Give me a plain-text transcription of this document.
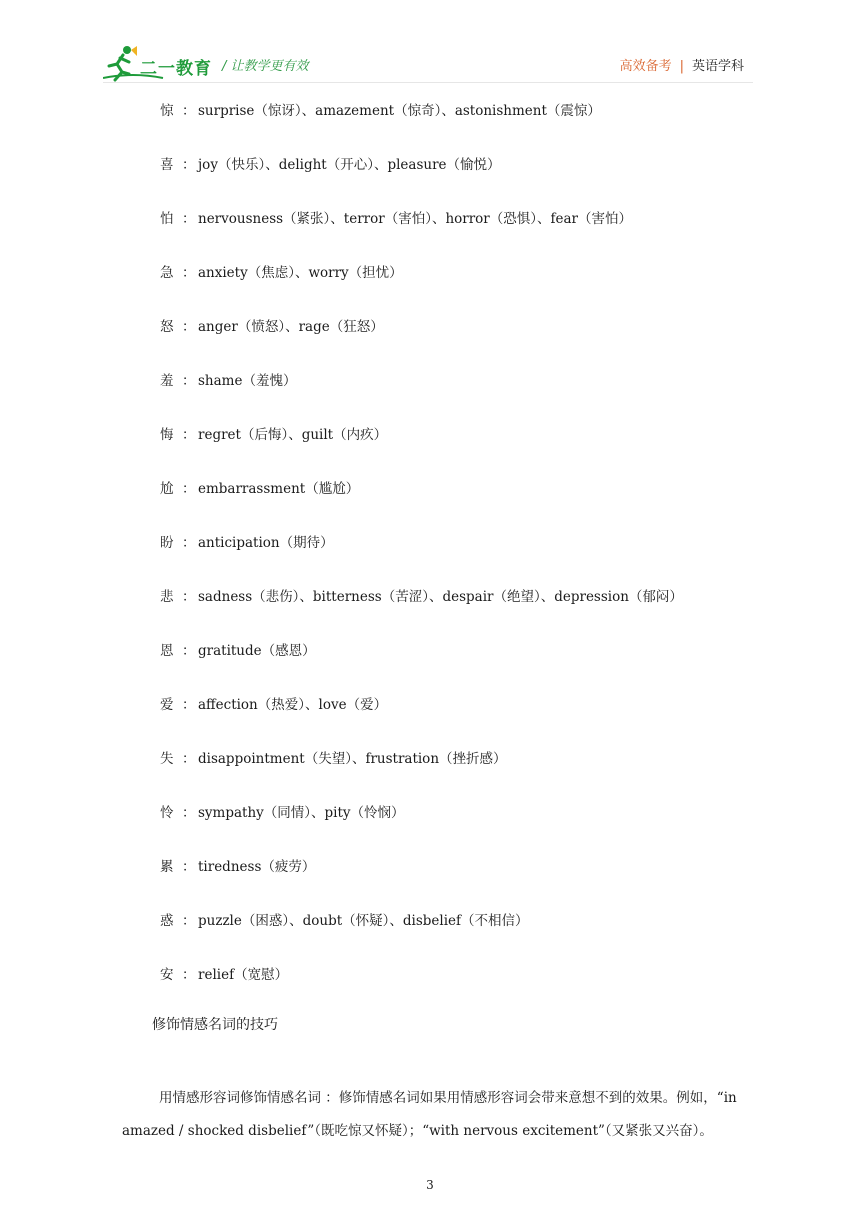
二一教育 / 让教学更有效	高效备考 | 英语学科
惊 ： surprise（惊讶）、amazement（惊奇）、astonishment（震惊）
喜 ： joy（快乐）、delight（开心）、pleasure（愉悦）
怕 ： nervousness（紧张）、terror（害怕）、horror（恐惧）、fear（害怕）
急 ： anxiety（焦虑）、worry（担忧）
怒 ： anger（愤怒）、rage（狂怒）
羞 ： shame（羞愧）
悔 ： regret（后悔）、guilt（内疚）
尬 ： embarrassment（尴尬）
盼 ： anticipation（期待）
悲 ： sadness（悲伤）、bitterness（苦涩）、despair（绝望）、depression（郁闷）
恩 ： gratitude（感恩）
爱 ： affection（热爱）、love（爱）
失 ： disappointment（失望）、frustration（挫折感）
怜 ： sympathy（同情）、pity（怜悯）
累 ： tiredness（疲劳）
惑 ： puzzle（困惑）、doubt（怀疑）、disbelief（不相信）
安 ： relief（宽慰）
修饰情感名词的技巧

用情感形容词修饰情感名词 ：修饰情感名词如果用情感形容词会带来意想不到的效果。例如，“in amazed / shocked disbelief”（既吃惊又怀疑）；“with nervous excitement”（又紧张又兴奋）。

3
